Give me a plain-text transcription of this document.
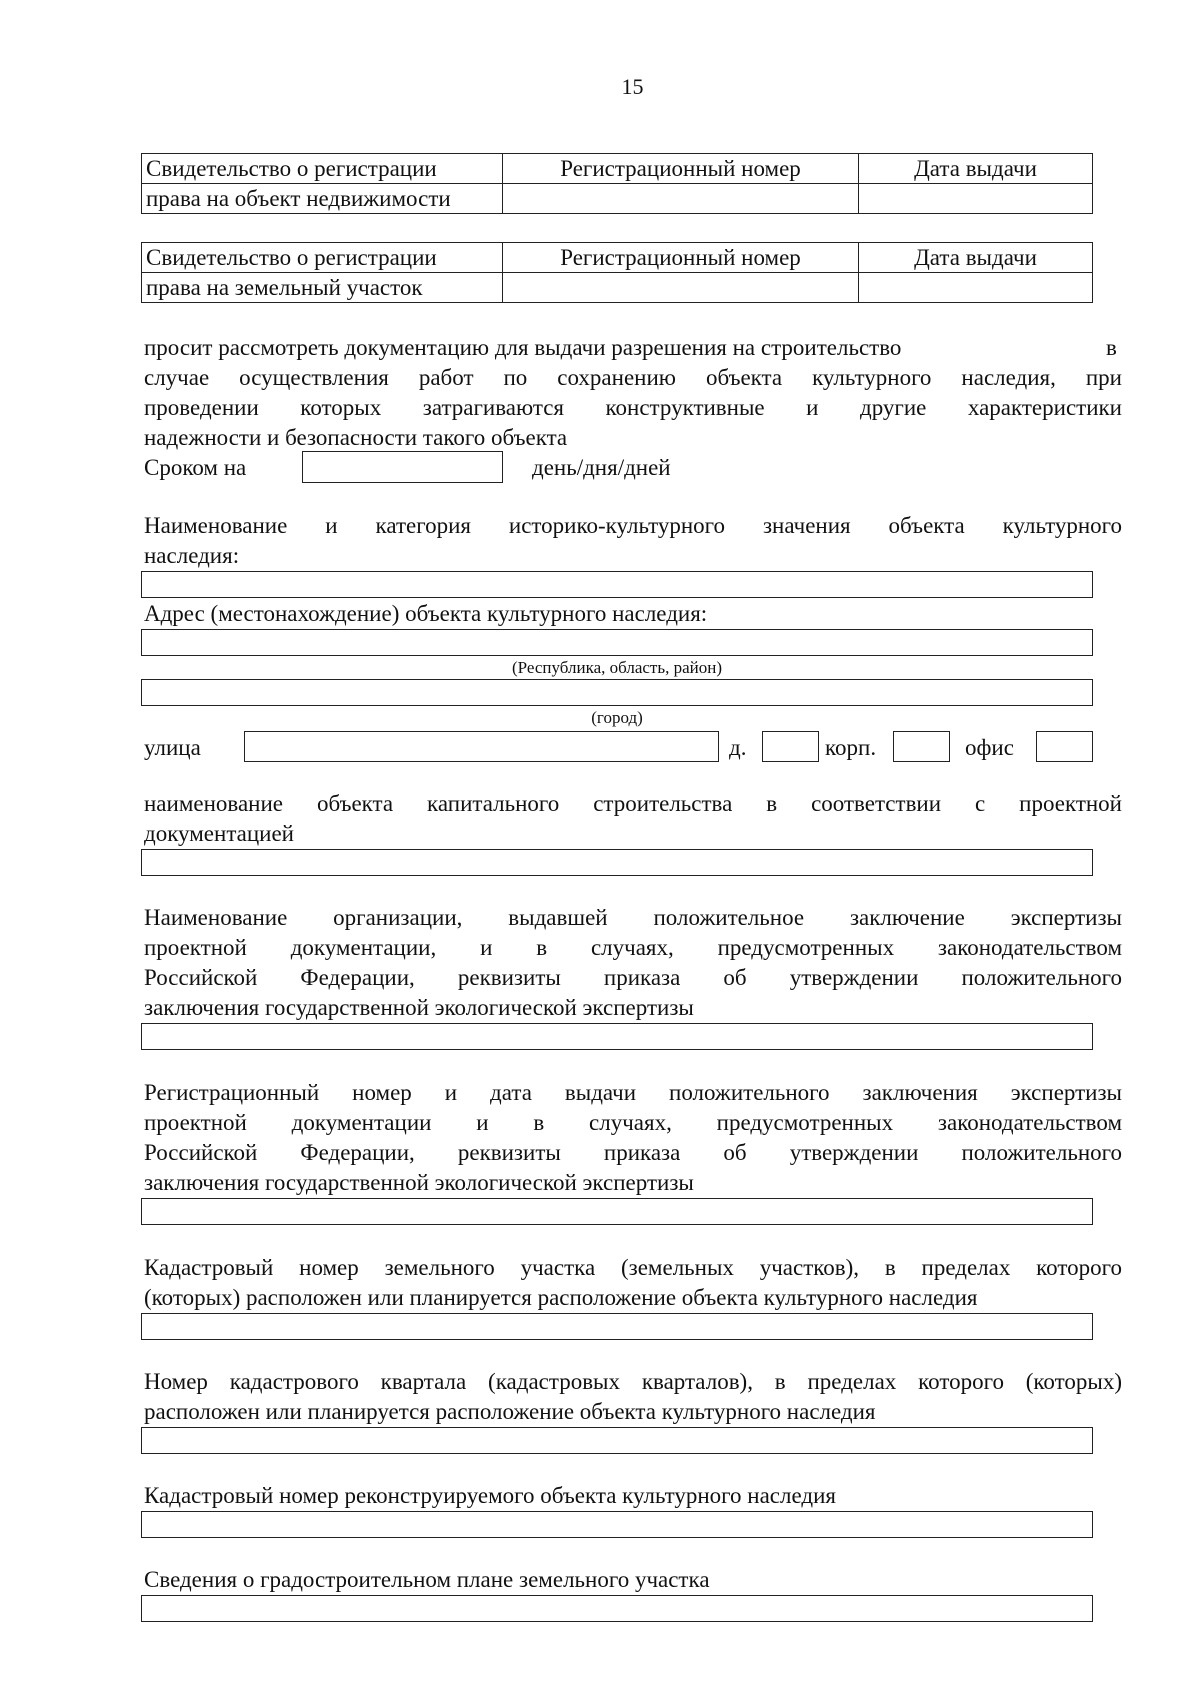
15
Свидетельство о регистрации	Регистрационный номер	Дата выдачи
права на объект недвижимости		
Свидетельство о регистрации	Регистрационный номер	Дата выдачи
права на земельный участок		
просит рассмотреть документацию для выдачи разрешения на строительство	в
случае осуществления работ по сохранению объекта культурного наследия, при
проведении которых затрагиваются конструктивные и другие характеристики
надежности и безопасности такого объекта
Сроком на	день/дня/дней
Наименование и категория историко-культурного значения объекта культурного
наследия:
Адрес (местонахождение) объекта культурного наследия:
(Республика, область, район)
(город)
улица	д.	корп.	офис
наименование объекта капитального строительства в соответствии с проектной
документацией
Наименование организации, выдавшей положительное заключение экспертизы
проектной документации, и в случаях, предусмотренных законодательством
Российской Федерации, реквизиты приказа об утверждении положительного
заключения государственной экологической экспертизы
Регистрационный номер и дата выдачи положительного заключения экспертизы
проектной документации и в случаях, предусмотренных законодательством
Российской Федерации, реквизиты приказа об утверждении положительного
заключения государственной экологической экспертизы
Кадастровый номер земельного участка (земельных участков), в пределах которого
(которых) расположен или планируется расположение объекта культурного наследия
Номер кадастрового квартала (кадастровых кварталов), в пределах которого (которых)
расположен или планируется расположение объекта культурного наследия
Кадастровый номер реконструируемого объекта культурного наследия
Сведения о градостроительном плане земельного участка
